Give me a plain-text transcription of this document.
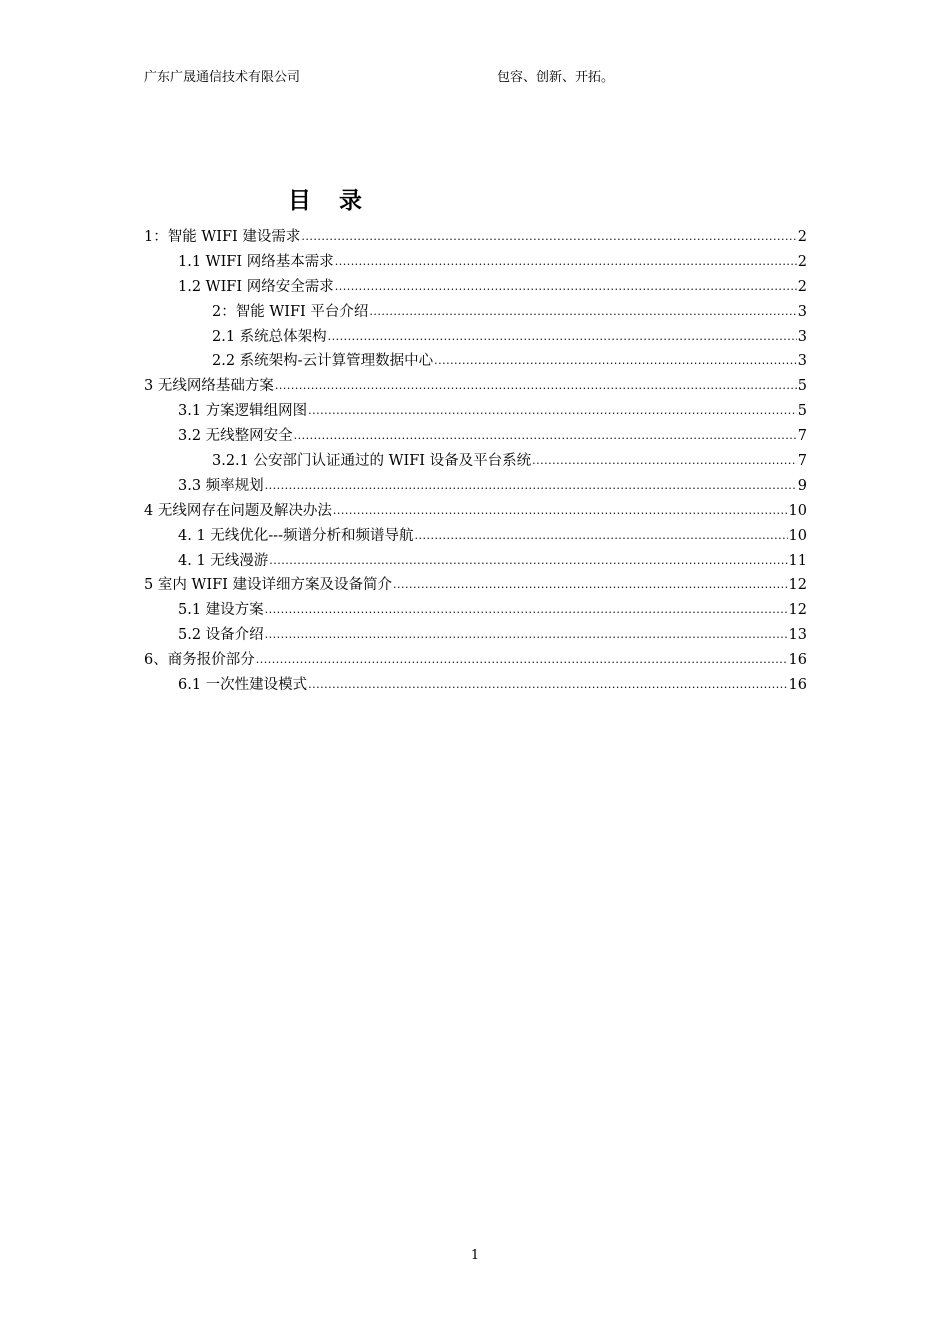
广东广晟通信技术有限公司	包容、创新、开拓。
目录
1：智能 WIFI 建设需求 .....	2
1.1 WIFI 网络基本需求 .....	2
1.2 WIFI 网络安全需求 .....	2
2：智能 WIFI 平台介绍 .....	3
2.1 系统总体架构 .....	3
2.2 系统架构-云计算管理数据中心 .....	3
3 无线网络基础方案 .....	5
3.1 方案逻辑组网图 .....	5
3.2 无线整网安全 .....	7
3.2.1 公安部门认证通过的 WIFI 设备及平台系统 .....	7
3.3 频率规划 .....	9
4 无线网存在问题及解决办法 .....	10
4. 1 无线优化---频谱分析和频谱导航 .....	10
4. 1 无线漫游 .....	11
5 室内 WIFI 建设详细方案及设备简介 .....	12
5.1 建设方案 .....	12
5.2 设备介绍 .....	13
6、商务报价部分 .....	16
6.1 一次性建设模式 .....	16
1
